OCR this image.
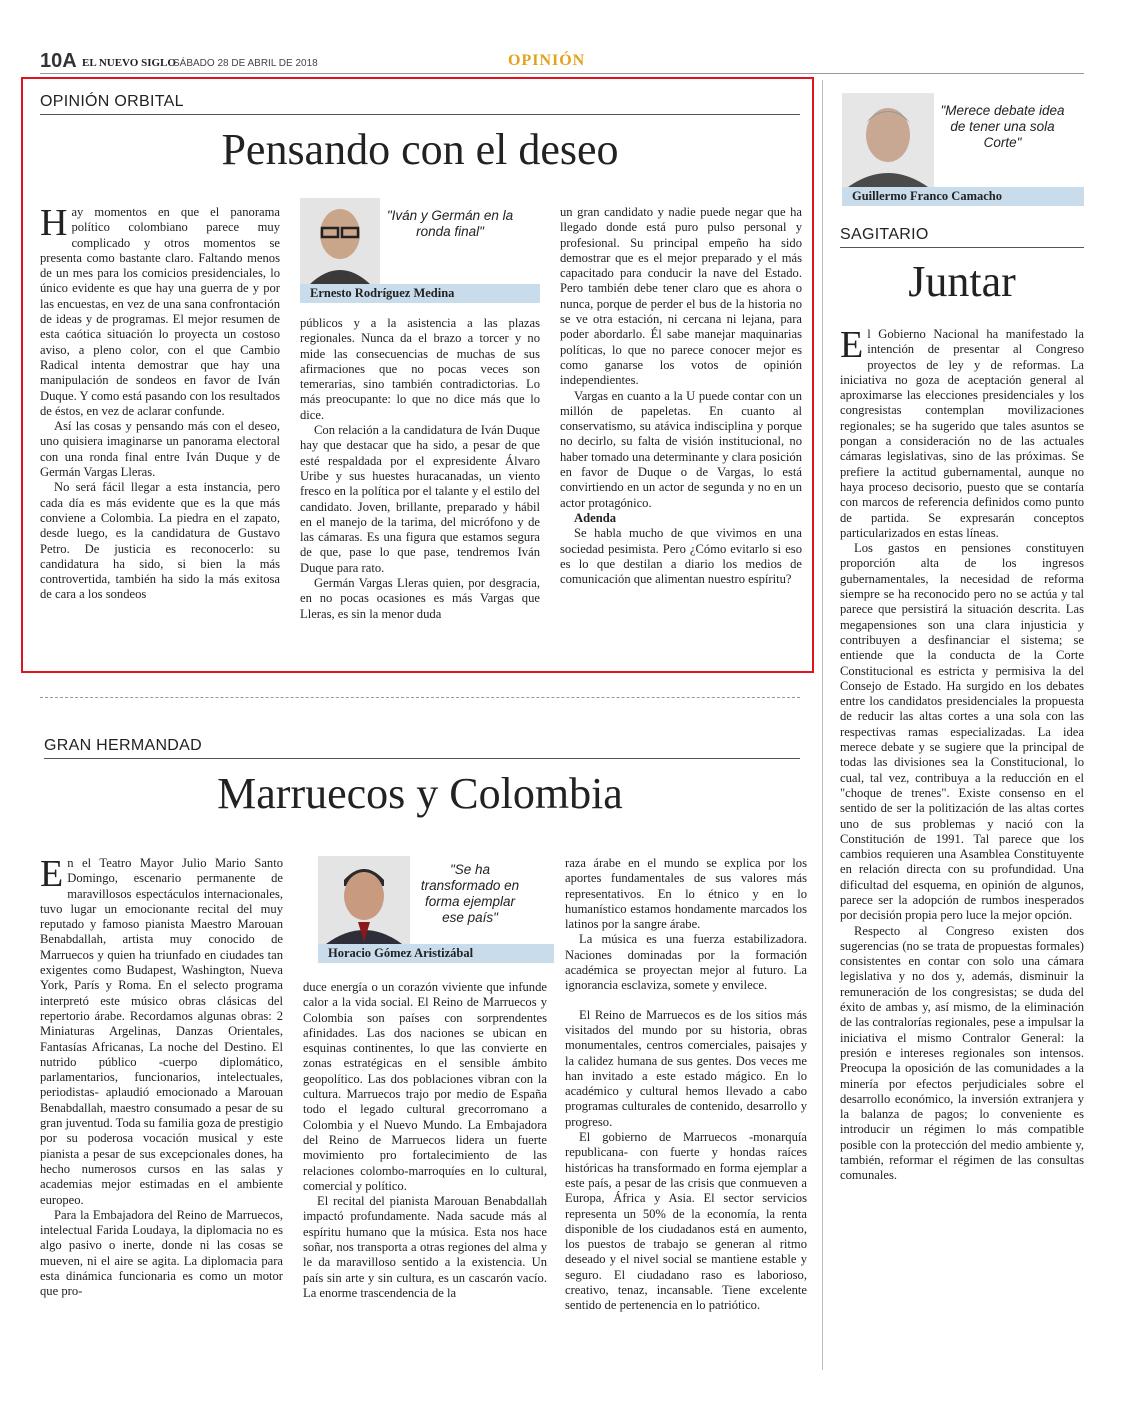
10A EL NUEVO SIGLO
SÁBADO 28 DE ABRIL DE 2018	OPINIÓN
OPINIÓN ORBITAL
Pensando con el deseo

Hay momentos en que el panorama político colombiano parece muy complicado y otros momentos se presenta como bastante claro. Faltando menos de un mes para los comicios presidenciales, lo único evidente es que hay una guerra de y por las encuestas, en vez de una sana confrontación de ideas y de programas. El mejor resumen de esta caótica situación lo proyecta un costoso aviso, a pleno color, con el que Cambio Radical intenta demostrar que hay una manipulación de sondeos en favor de Iván Duque. Y como está pasando con los resultados de éstos, en vez de aclarar confunde.

Así las cosas y pensando más con el deseo, uno quisiera imaginarse un panorama electoral con una ronda final entre Iván Duque y de Germán Vargas Lleras.

No será fácil llegar a esta instancia, pero cada día es más evidente que es la que más conviene a Colombia. La piedra en el zapato, desde luego, es la candidatura de Gustavo Petro. De justicia es reconocerlo: su candidatura ha sido, si bien la más controvertida, también ha sido la más exitosa de cara a los sondeos

"Iván y Germán en la ronda final"
Ernesto Rodríguez Medina

públicos y a la asistencia a las plazas regionales. Nunca da el brazo a torcer y no mide las consecuencias de muchas de sus afirmaciones que no pocas veces son temerarias, sino también contradictorias. Lo más preocupante: lo que no dice más que lo dice.

Con relación a la candidatura de Iván Duque hay que destacar que ha sido, a pesar de que esté respaldada por el expresidente Álvaro Uribe y sus huestes huracanadas, un viento fresco en la política por el talante y el estilo del candidato. Joven, brillante, preparado y hábil en el manejo de la tarima, del micrófono y de las cámaras. Es una figura que estamos segura de que, pase lo que pase, tendremos Iván Duque para rato.

Germán Vargas Lleras quien, por desgracia, en no pocas ocasiones es más Vargas que Lleras, es sin la menor duda

un gran candidato y nadie puede negar que ha llegado donde está puro pulso personal y profesional. Su principal empeño ha sido demostrar que es el mejor preparado y el más capacitado para conducir la nave del Estado. Pero también debe tener claro que es ahora o nunca, porque de perder el bus de la historia no se ve otra estación, ni cercana ni lejana, para poder abordarlo. Él sabe manejar maquinarias políticas, lo que no parece conocer mejor es como ganarse los votos de opinión independientes.

Vargas en cuanto a la U puede contar con un millón de papeletas. En cuanto al conservatismo, su atávica indisciplina y porque no decirlo, su falta de visión institucional, no haber tomado una determinante y clara posición en favor de Duque o de Vargas, lo está convirtiendo en un actor de segunda y no en un actor protagónico.

Adenda

Se habla mucho de que vivimos en una sociedad pesimista. Pero ¿Cómo evitarlo si eso es lo que destilan a diario los medios de comunicación que alimentan nuestro espíritu?

GRAN HERMANDAD
Marruecos y Colombia

En el Teatro Mayor Julio Mario Santo Domingo, escenario permanente de maravillosos espectáculos internacionales, tuvo lugar un emocionante recital del muy reputado y famoso pianista Maestro Marouan Benabdallah, artista muy conocido de Marruecos y quien ha triunfado en ciudades tan exigentes como Budapest, Washington, Nueva York, París y Roma. En el selecto programa interpretó este músico obras clásicas del repertorio árabe. Recordamos algunas obras: 2 Miniaturas Argelinas, Danzas Orientales, Fantasías Africanas, La noche del Destino. El nutrido público -cuerpo diplomático, parlamentarios, funcionarios, intelectuales, periodistas- aplaudió emocionado a Marouan Benabdallah, maestro consumado a pesar de su gran juventud. Toda su familia goza de prestigio por su poderosa vocación musical y este pianista a pesar de sus excepcionales dones, ha hecho numerosos cursos en las salas y academias mejor estimadas en el ambiente europeo.

Para la Embajadora del Reino de Marruecos, intelectual Farida Loudaya, la diplomacia no es algo pasivo o inerte, donde ni las cosas se mueven, ni el aire se agita. La diplomacia para esta dinámica funcionaria es como un motor que pro-

"Se ha transformado en forma ejemplar ese país"
Horacio Gómez Aristizábal

duce energía o un corazón viviente que infunde calor a la vida social. El Reino de Marruecos y Colombia son países con sorprendentes afinidades. Las dos naciones se ubican en esquinas continentes, lo que las convierte en zonas estratégicas en el sensible ámbito geopolítico. Las dos poblaciones vibran con la cultura. Marruecos trajo por medio de España todo el legado cultural grecorromano a Colombia y el Nuevo Mundo. La Embajadora del Reino de Marruecos lidera un fuerte movimiento pro fortalecimiento de las relaciones colombo-marroquíes en lo cultural, comercial y político.

El recital del pianista Marouan Benabdallah impactó profundamente. Nada sacude más al espíritu humano que la música. Esta nos hace soñar, nos transporta a otras regiones del alma y le da maravilloso sentido a la existencia. Un país sin arte y sin cultura, es un cascarón vacío. La enorme trascendencia de la

raza árabe en el mundo se explica por los aportes fundamentales de sus valores más representativos. En lo étnico y en lo humanístico estamos hondamente marcados los latinos por la sangre árabe.

La música es una fuerza estabilizadora. Naciones dominadas por la formación académica se proyectan mejor al futuro. La ignorancia esclaviza, somete y envilece.

El Reino de Marruecos es de los sitios más visitados del mundo por su historia, obras monumentales, centros comerciales, paisajes y la calidez humana de sus gentes. Dos veces me han invitado a este estado mágico. En lo académico y cultural hemos llevado a cabo programas culturales de contenido, desarrollo y progreso.

El gobierno de Marruecos -monarquía republicana- con fuerte y hondas raíces históricas ha transformado en forma ejemplar a este país, a pesar de las crisis que conmueven a Europa, África y Asia. El sector servicios representa un 50% de la economía, la renta disponible de los ciudadanos está en aumento, los puestos de trabajo se generan al ritmo deseado y el nivel social se mantiene estable y seguro. El ciudadano raso es laborioso, creativo, tenaz, incansable. Tiene excelente sentido de pertenencia en lo patriótico.

"Merece debate idea de tener una sola Corte"
Guillermo Franco Camacho
SAGITARIO
Juntar

El Gobierno Nacional ha manifestado la intención de presentar al Congreso proyectos de ley y de reformas. La iniciativa no goza de aceptación general al aproximarse las elecciones presidenciales y los congresistas contemplan movilizaciones regionales; se ha sugerido que tales asuntos se pongan a consideración no de las actuales cámaras legislativas, sino de las próximas. Se prefiere la actitud gubernamental, aunque no haya proceso decisorio, puesto que se contaría con marcos de referencia definidos como punto de partida. Se expresarán conceptos particularizados en estas líneas.

Los gastos en pensiones constituyen proporción alta de los ingresos gubernamentales, la necesidad de reforma siempre se ha reconocido pero no se actúa y tal parece que persistirá la situación descrita. Las megapensiones son una clara injusticia y contribuyen a desfinanciar el sistema; se entiende que la conducta de la Corte Constitucional es estricta y permisiva la del Consejo de Estado. Ha surgido en los debates entre los candidatos presidenciales la propuesta de reducir las altas cortes a una sola con las respectivas ramas especializadas. La idea merece debate y se sugiere que la principal de todas las divisiones sea la Constitucional, lo cual, tal vez, contribuya a la reducción en el "choque de trenes". Existe consenso en el sentido de ser la politización de las altas cortes uno de sus problemas y nació con la Constitución de 1991. Tal parece que los cambios requieren una Asamblea Constituyente en relación directa con su profundidad. Una dificultad del esquema, en opinión de algunos, parece ser la adopción de rumbos inesperados por decisión propia pero luce la mejor opción.

Respecto al Congreso existen dos sugerencias (no se trata de propuestas formales) consistentes en contar con solo una cámara legislativa y no dos y, además, disminuir la remuneración de los congresistas; se duda del éxito de ambas y, así mismo, de la eliminación de las contralorías regionales, pese a impulsar la iniciativa el mismo Contralor General: la presión e intereses regionales son intensos. Preocupa la oposición de las comunidades a la minería por efectos perjudiciales sobre el desarrollo económico, la inversión extranjera y la balanza de pagos; lo conveniente es introducir un régimen lo más compatible posible con la protección del medio ambiente y, también, reformar el régimen de las consultas comunales.
